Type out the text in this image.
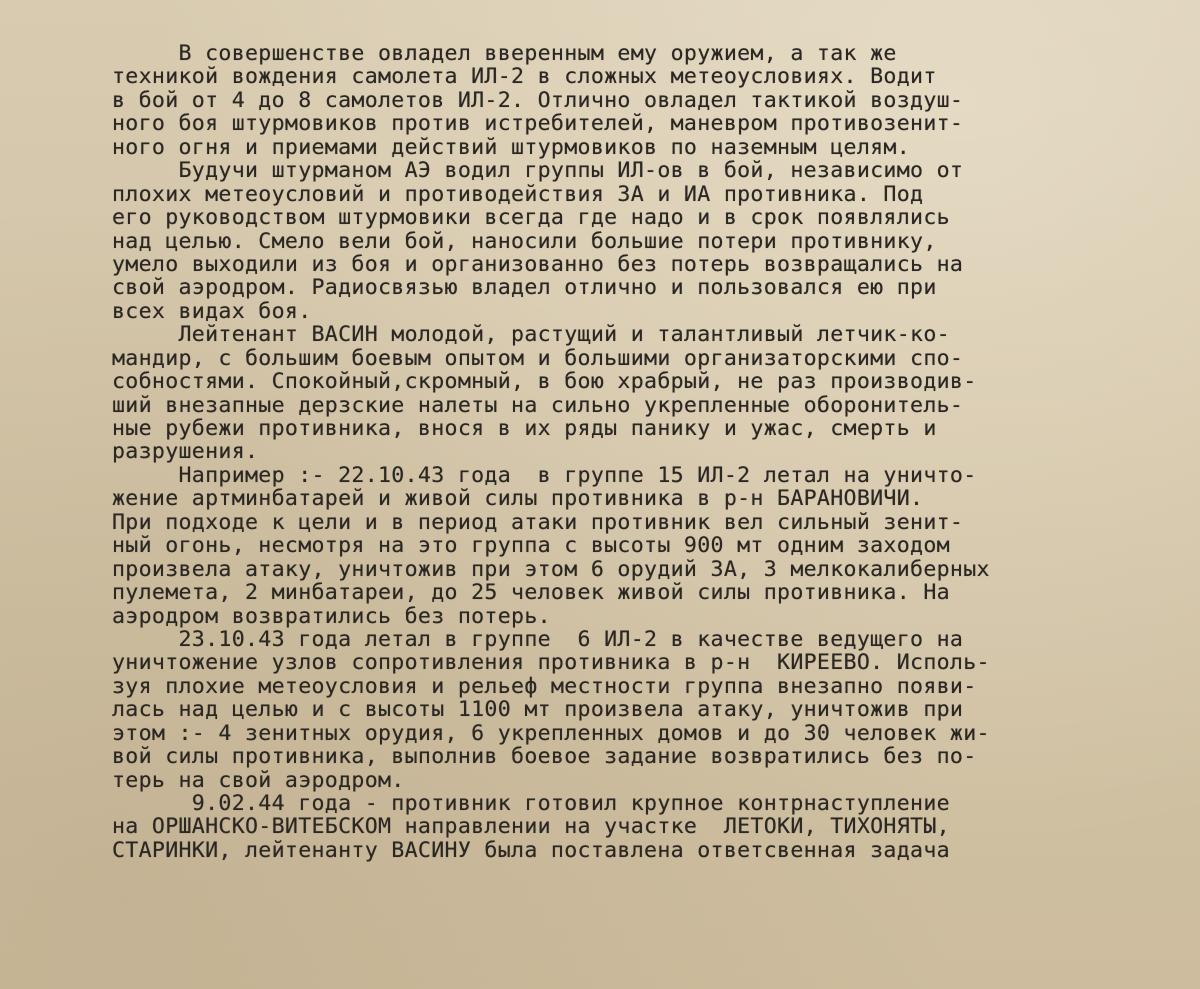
В совершенстве овладел вверенным ему оружием, а так же
техникой вождения самолета ИЛ-2 в сложных метеоусловиях. Водит
в бой от 4 до 8 самолетов ИЛ-2. Отлично овладел тактикой воздуш-
ного боя штурмовиков против истребителей, маневром противозенит-
ного огня и приемами действий штурмовиков по наземным целям.
Будучи штурманом АЭ водил группы ИЛ-ов в бой, независимо от
плохих метеоусловий и противодействия ЗА и ИА противника. Под
его руководством штурмовики всегда где надо и в срок появлялись
над целью. Смело вели бой, наносили большие потери противнику,
умело выходили из боя и организованно без потерь возвращались на
свой аэродром. Радиосвязью владел отлично и пользовался ею при
всех видах боя.
Лейтенант ВАСИН молодой, растущий и талантливый летчик-ко-
мандир, с большим боевым опытом и большими организаторскими спо-
собностями. Спокойный,скромный, в бою храбрый, не раз производив-
ший внезапные дерзские налеты на сильно укрепленные оборонитель-
ные рубежи противника, внося в их ряды панику и ужас, смерть и
разрушения.
Например :- 22.10.43 года  в группе 15 ИЛ-2 летал на уничто-
жение артминбатарей и живой силы противника в р-н БАРАНОВИЧИ.
При подходе к цели и в период атаки противник вел сильный зенит-
ный огонь, несмотря на это группа с высоты 900 мт одним заходом
произвела атаку, уничтожив при этом 6 орудий ЗА, 3 мелкокалиберных
пулемета, 2 минбатареи, до 25 человек живой силы противника. На
аэродром возвратились без потерь.
23.10.43 года летал в группе  6 ИЛ-2 в качестве ведущего на
уничтожение узлов сопротивления противника в р-н  КИРЕЕВО. Исполь-
зуя плохие метеоусловия и рельеф местности группа внезапно появи-
лась над целью и с высоты 1100 мт произвела атаку, уничтожив при
этом :- 4 зенитных орудия, 6 укрепленных домов и до 30 человек жи-
вой силы противника, выполнив боевое задание возвратились без по-
терь на свой аэродром.
9.02.44 года - противник готовил крупное контрнаступление
на ОРШАНСКО-ВИТЕБСКОМ направлении на участке  ЛЕТОКИ, ТИХОНЯТЫ,
СТАРИНКИ, лейтенанту ВАСИНУ была поставлена ответсвенная задача
